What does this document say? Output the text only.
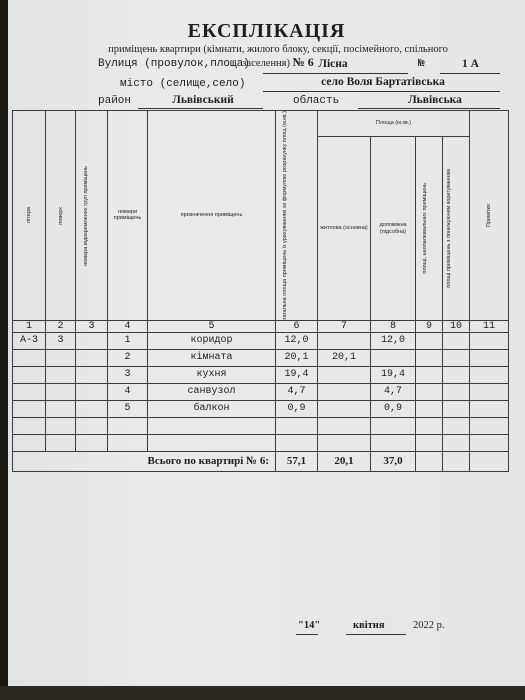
ЕКСПЛІКАЦІЯ
приміщень квартири (кімнати, жилого блоку, секції, посімейного, спільного заселення) № 6
Вулиця (провулок,площа)	Лісна	№	1 А
місто (селище,село)	село Воля Бартатівська
район	Львівський	область	Львівська
літера	поверх	номера відокремлених груп приміщень	номери приміщень	призначення приміщень	загальна площа приміщень із урахуванням за формулою розрахунку площ (м.кв.)	Площа (м.кв.)				Примітки

						житлова (основна)	допоміжна (підсобна)	площі, неопалювальних приміщень	площі приміщень з понижуючим коригуванням	

1	2	3	4	5	6	7	8	9	10	11
А-3	3		1	коридор	12,0		12,0			
			2	кімната	20,1	20,1				
			3	кухня	19,4		19,4			
			4	санвузол	4,7		4,7			
			5	балкон	0,9		0,9			

Всього по квартирі № 6:					57,1	20,1	37,0			
"14"	квітня	2022 р.
